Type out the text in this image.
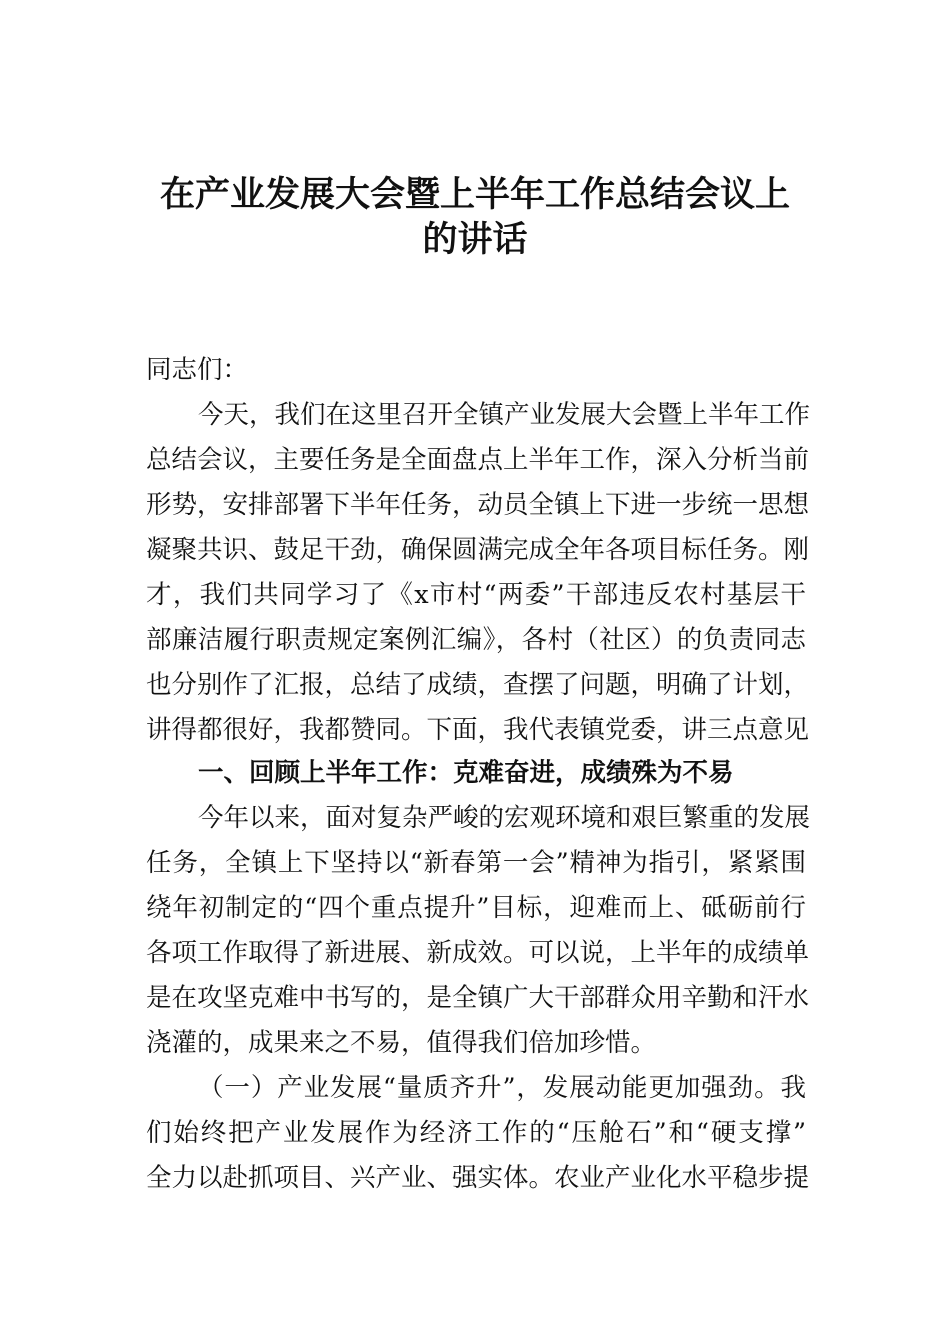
在产业发展大会暨上半年工作总结会议上
的讲话
同志们：
今天，我们在这里召开全镇产业发展大会暨上半年工作
总结会议，主要任务是全面盘点上半年工作，深入分析当前
形势，安排部署下半年任务，动员全镇上下进一步统一思想
凝聚共识、鼓足干劲，确保圆满完成全年各项目标任务。刚
才，我们共同学习了《x市村“两委”干部违反农村基层干
部廉洁履行职责规定案例汇编》，各村（社区）的负责同志
也分别作了汇报，总结了成绩，查摆了问题，明确了计划，
讲得都很好，我都赞同。下面，我代表镇党委，讲三点意见
一、回顾上半年工作：克难奋进，成绩殊为不易
今年以来，面对复杂严峻的宏观环境和艰巨繁重的发展
任务，全镇上下坚持以“新春第一会”精神为指引，紧紧围
绕年初制定的“四个重点提升”目标，迎难而上、砥砺前行
各项工作取得了新进展、新成效。可以说，上半年的成绩单
是在攻坚克难中书写的，是全镇广大干部群众用辛勤和汗水
浇灌的，成果来之不易，值得我们倍加珍惜。
（一）产业发展“量质齐升”，发展动能更加强劲。我
们始终把产业发展作为经济工作的“压舱石”和“硬支撑”
全力以赴抓项目、兴产业、强实体。农业产业化水平稳步提
